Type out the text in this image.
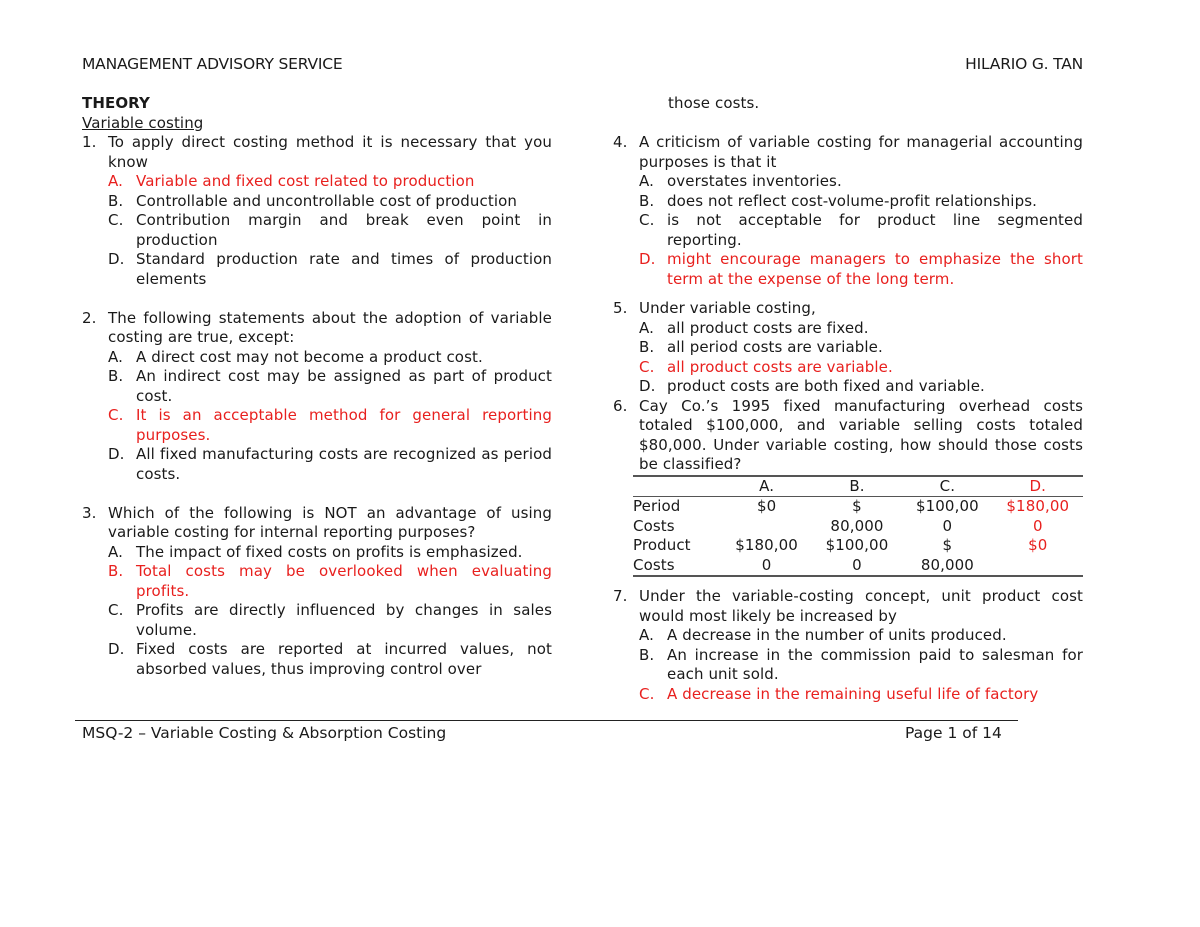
MANAGEMENT ADVISORY SERVICE	HILARIO G. TAN
THEORY
Variable costing
1. To apply direct costing method it is necessary that you know
A. Variable and fixed cost related to production
B. Controllable and uncontrollable cost of production
C. Contribution margin and break even point in production
D. Standard production rate and times of production elements
2. The following statements about the adoption of variable costing are true, except:
A. A direct cost may not become a product cost.
B. An indirect cost may be assigned as part of product cost.
C. It is an acceptable method for general reporting purposes.
D. All fixed manufacturing costs are recognized as period costs.
3. Which of the following is NOT an advantage of using variable costing for internal reporting purposes?
A. The impact of fixed costs on profits is emphasized.
B. Total costs may be overlooked when evaluating profits.
C. Profits are directly influenced by changes in sales volume.
D. Fixed costs are reported at incurred values, not absorbed values, thus improving control over
those costs.
4. A criticism of variable costing for managerial accounting purposes is that it
A. overstates inventories.
B. does not reflect cost-volume-profit relationships.
C. is not acceptable for product line segmented reporting.
D. might encourage managers to emphasize the short term at the expense of the long term.
5. Under variable costing,
A. all product costs are fixed.
B. all period costs are variable.
C. all product costs are variable.
D. product costs are both fixed and variable.
6. Cay Co.’s 1995 fixed manufacturing overhead costs totaled $100,000, and variable selling costs totaled $80,000. Under variable costing, how should those costs be classified?
	A.	B.	C.	D.
Period	$0	$	$100,00	$180,00
Costs		80,000	0	0
Product	$180,00	$100,00	$	$0
Costs	0	0	80,000	
7. Under the variable-costing concept, unit product cost would most likely be increased by
A. A decrease in the number of units produced.
B. An increase in the commission paid to salesman for each unit sold.
C. A decrease in the remaining useful life of factory
MSQ-2 – Variable Costing & Absorption Costing	Page 1 of 14
